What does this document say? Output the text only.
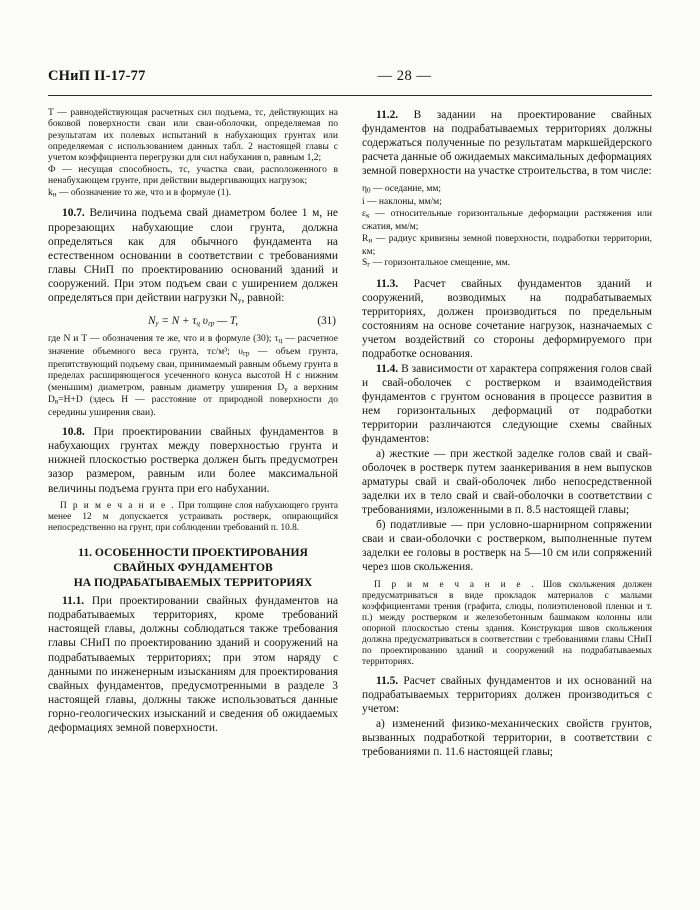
СНиП II-17-77	— 28 —

T — равнодействующая расчетных сил подъема, тс, действующих на боковой поверхности сваи или сваи-оболочки, определяемая по результатам их полевых испытаний в набухающих грунтах или определяемая с использованием данных табл. 2 настоящей главы с учетом коэффициента перегрузки для сил набухания n, равным 1,2;

Ф — несущая способность, тс, участка сваи, расположенного в ненабухающем грунте, при действии выдергивающих нагрузок;

$k_н$ — обозначение то же, что и в формуле (1).

10.7. Величина подъема свай диаметром более 1 м, не прорезающих набухающие слои грунта, должна определяться как для обычного фундамента на естественном основании в соответствии с требованиями главы СНиП по проектированию оснований зданий и сооружений. При этом подъем сваи с уширением должен определяться при действии нагрузки $N_у$, равной:

$N_у = N + \tau_ц$ $\upsilon_{гр}$ — T,	(31)

где N и T — обозначения те же, что и в формуле (30); $\tau_ц$ — расчетное значение объемного веса грунта, тс/м³; $\upsilon_{гр}$ — объем грунта, препятствующий подъему сваи, принимаемый равным объему грунта в пределах расширяющегося усеченного конуса высотой H с нижним (меньшим) диаметром, равным диаметру уширения $D_у$ а верхним $D_в=H+D$ (здесь H — расстояние от природной поверхности до середины уширения сваи).

10.8. При проектировании свайных фундаментов в набухающих грунтах между поверхностью грунта и нижней плоскостью ростверка должен быть предусмотрен зазор размером, равным или более максимальной величины подъема грунта при его набухании.

П р и м е ч а н и е . При толщине слоя набухающего грунта менее 12 м допускается устраивать ростверк, опирающийся непосредственно на грунт, при соблюдении требований п. 10.8.

11. ОСОБЕННОСТИ ПРОЕКТИРОВАНИЯ
СВАЙНЫХ ФУНДАМЕНТОВ
НА ПОДРАБАТЫВАЕМЫХ ТЕРРИТОРИЯХ

11.1. При проектировании свайных фундаментов на подрабатываемых территориях, кроме требований настоящей главы, должны соблюдаться также требования главы СНиП по проектированию зданий и сооружений на подрабатываемых территориях; при этом наряду с данными по инженерным изысканиям для проектирования свайных фундаментов, предусмотренными в разделе 3 настоящей главы, должны также использоваться данные горно-геологических изысканий и сведения об ожидаемых деформациях земной поверхности.

11.2. В задании на проектирование свайных фундаментов на подрабатываемых территориях должны содержаться полученные по результатам маркшейдерского расчета данные об ожидаемых максимальных деформациях земной поверхности на участке строительства, в том числе:

$\eta_0$ — оседание, мм;

i — наклоны, мм/м;

$\varepsilon_к$ — относительные горизонтальные деформации растяжения или сжатия, мм/м;

$R_и$ — радиус кривизны земной поверхности, подработки территории, км;

$S_г$ — горизонтальное смещение, мм.

11.3. Расчет свайных фундаментов зданий и сооружений, возводимых на подрабатываемых территориях, должен производиться по предельным состояниям на основе сочетание нагрузок, назначаемых с учетом воздействий со стороны деформируемого при подработке основания.

11.4. В зависимости от характера сопряжения голов свай и свай-оболочек с ростверком и взаимодействия фундаментов с грунтом основания в процессе развития в нем горизонтальных деформаций от подработки территории различаются следующие схемы свайных фундаментов:

а) жесткие — при жесткой заделке голов свай и свай-оболочек в ростверк путем заанкеривания в нем выпусков арматуры свай и свай-оболочек либо непосредственной заделки их в тело свай и свай-оболочки в соответствии с требованиями, изложенными в п. 8.5 настоящей главы;

б) податливые — при условно-шарнирном сопряжении сваи и сваи-оболочки с ростверком, выполненные путем заделки ее головы в ростверк на 5—10 см или сопряжений через шов скольжения.

П р и м е ч а н и е . Шов скольжения должен предусматриваться в виде прокладок материалов с малыми коэффициентами трения (графита, слюды, полиэтиленовой пленки и т. п.) между ростверком и железобетонным башмаком колонны или опорной плоскостью стены здания. Конструкция швов скольжения должна предусматриваться в соответствии с требованиями главы СНиП по проектированию зданий и сооружений на подрабатываемых территориях.

11.5. Расчет свайных фундаментов и их оснований на подрабатываемых территориях должен производиться с учетом:

а) изменений физико-механических свойств грунтов, вызванных подработкой территории, в соответствии с требованиями п. 11.6 настоящей главы;
